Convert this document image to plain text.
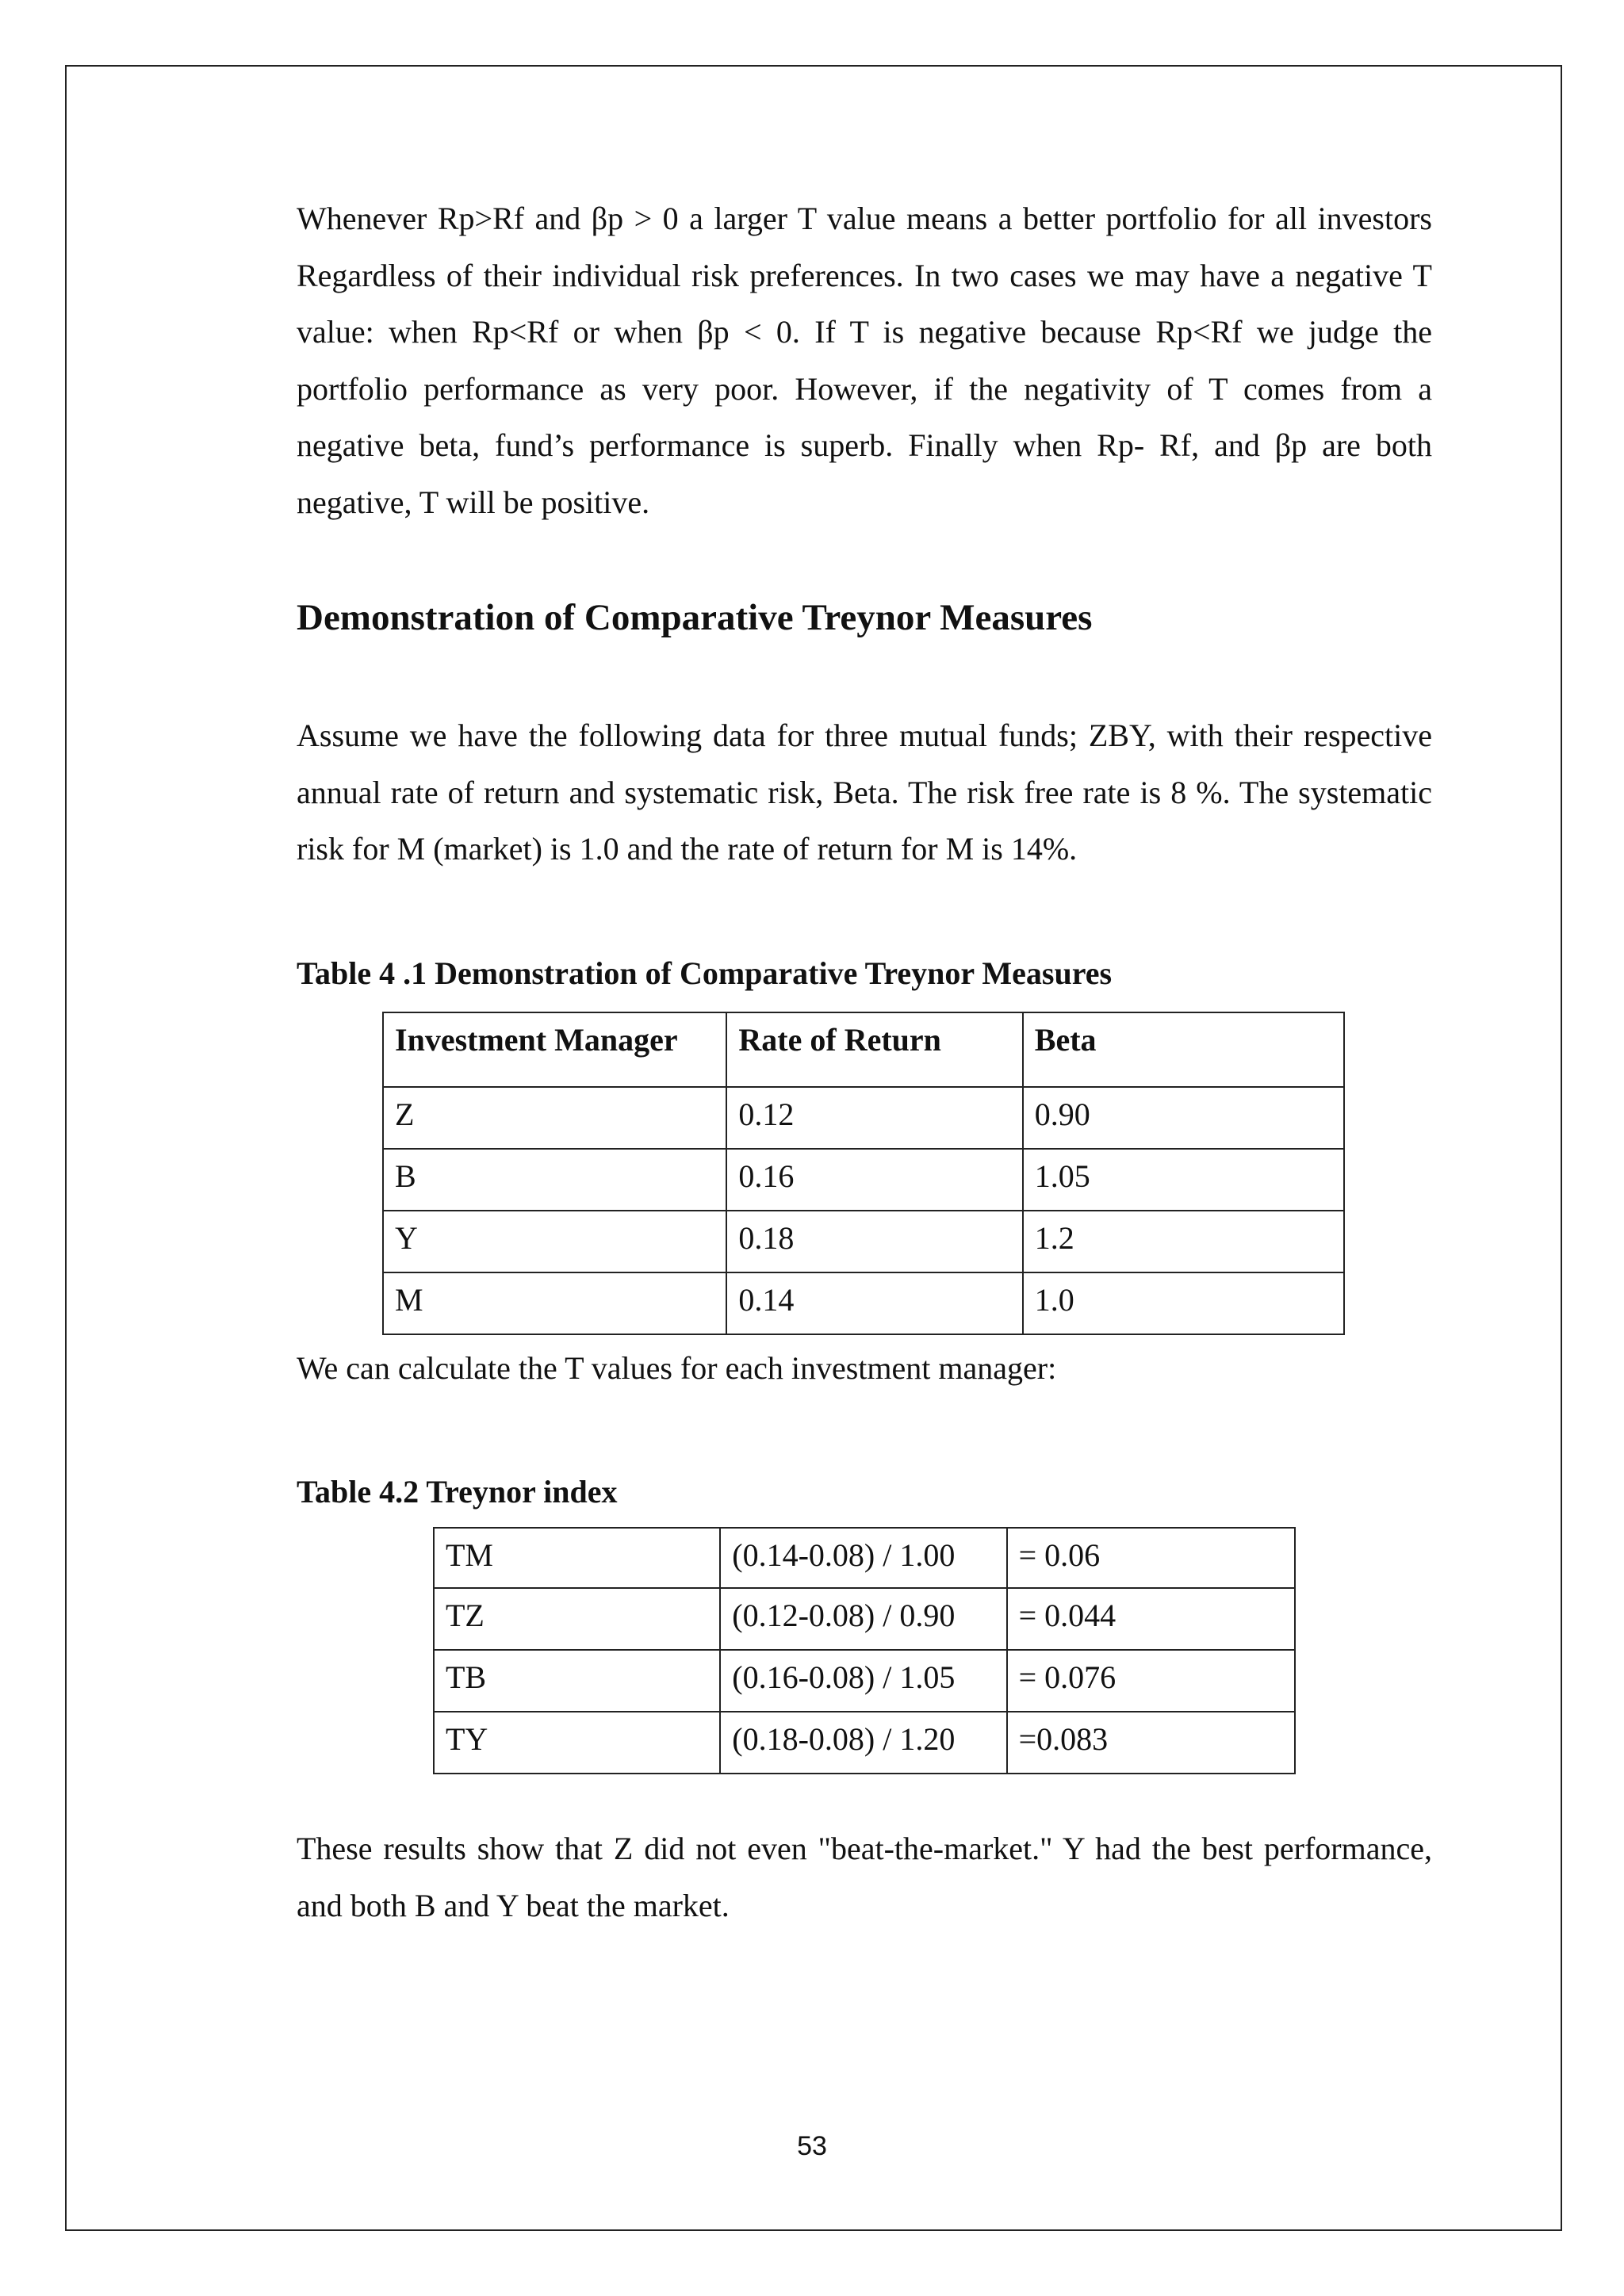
Whenever Rp>Rf and βp > 0 a larger T value means a better portfolio for all investors Regardless of their individual risk preferences. In two cases we may have a negative T value: when Rp<Rf or when βp < 0. If T is negative because Rp<Rf we judge the portfolio performance as very poor. However, if the negativity of T comes from a negative beta, fund’s performance is superb. Finally when Rp- Rf, and βp are both negative, T will be positive.

Demonstration of Comparative Treynor Measures

Assume we have the following data for three mutual funds; ZBY, with their respective annual rate of return and systematic risk, Beta. The risk free rate is 8 %. The systematic risk for M (market) is 1.0 and the rate of return for M is 14%.

Table 4 .1 Demonstration of Comparative Treynor Measures

Investment Manager	Rate of Return	Beta
Z	0.12	0.90
B	0.16	1.05
Y	0.18	1.2
M	0.14	1.0

We can calculate the T values for each investment manager:

Table 4.2 Treynor index

TM	(0.14-0.08) / 1.00	= 0.06
TZ	(0.12-0.08) / 0.90	= 0.044
TB	(0.16-0.08) / 1.05	= 0.076
TY	(0.18-0.08) / 1.20	=0.083

These results show that Z did not even "beat-the-market." Y had the best performance, and both B and Y beat the market.

53
